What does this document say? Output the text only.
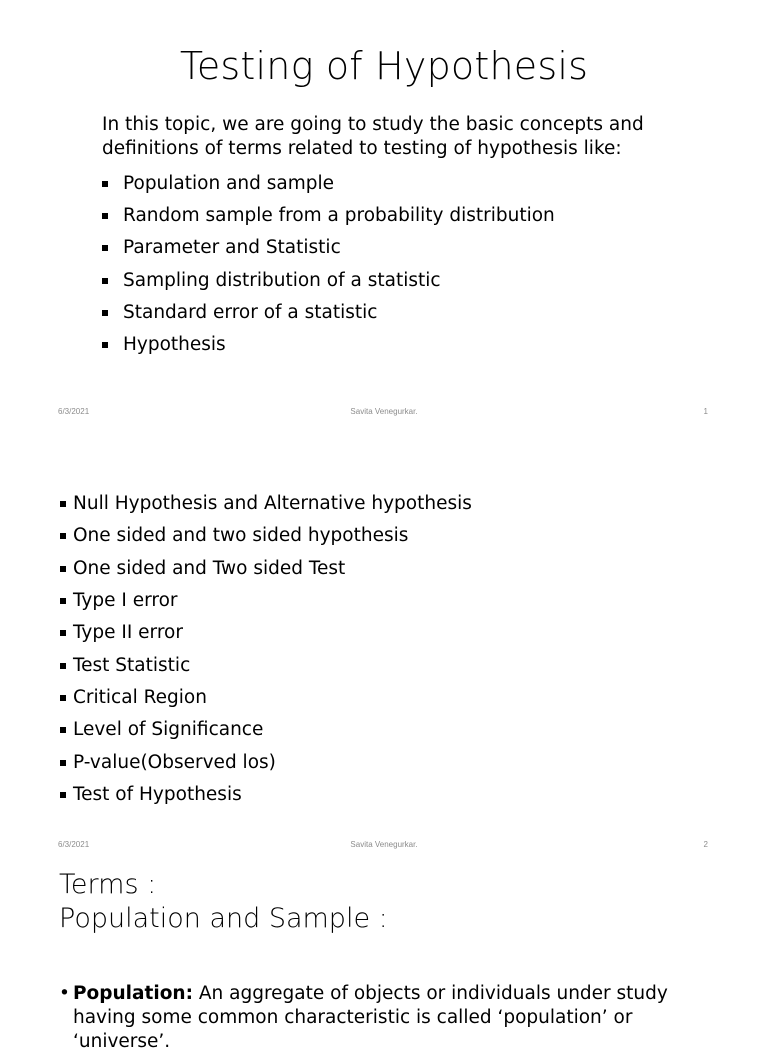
Testing of Hypothesis
In this topic, we are going to study the basic concepts and definitions of terms related to testing of hypothesis like:
Population and sample
Random sample from a probability distribution
Parameter and Statistic
Sampling distribution of a statistic
Standard error of a statistic
Hypothesis
6/3/2021	Savita Venegurkar.	1
Null Hypothesis and Alternative hypothesis
One sided and two sided hypothesis
One sided and Two sided Test
Type I error
Type II error
Test Statistic
Critical Region
Level of Significance
P-value(Observed los)
Test of Hypothesis
6/3/2021	Savita Venegurkar.	2
Terms :
Population and Sample :
• Population: An aggregate of objects or individuals under study having some common characteristic is called ‘population’ or ‘universe’.
